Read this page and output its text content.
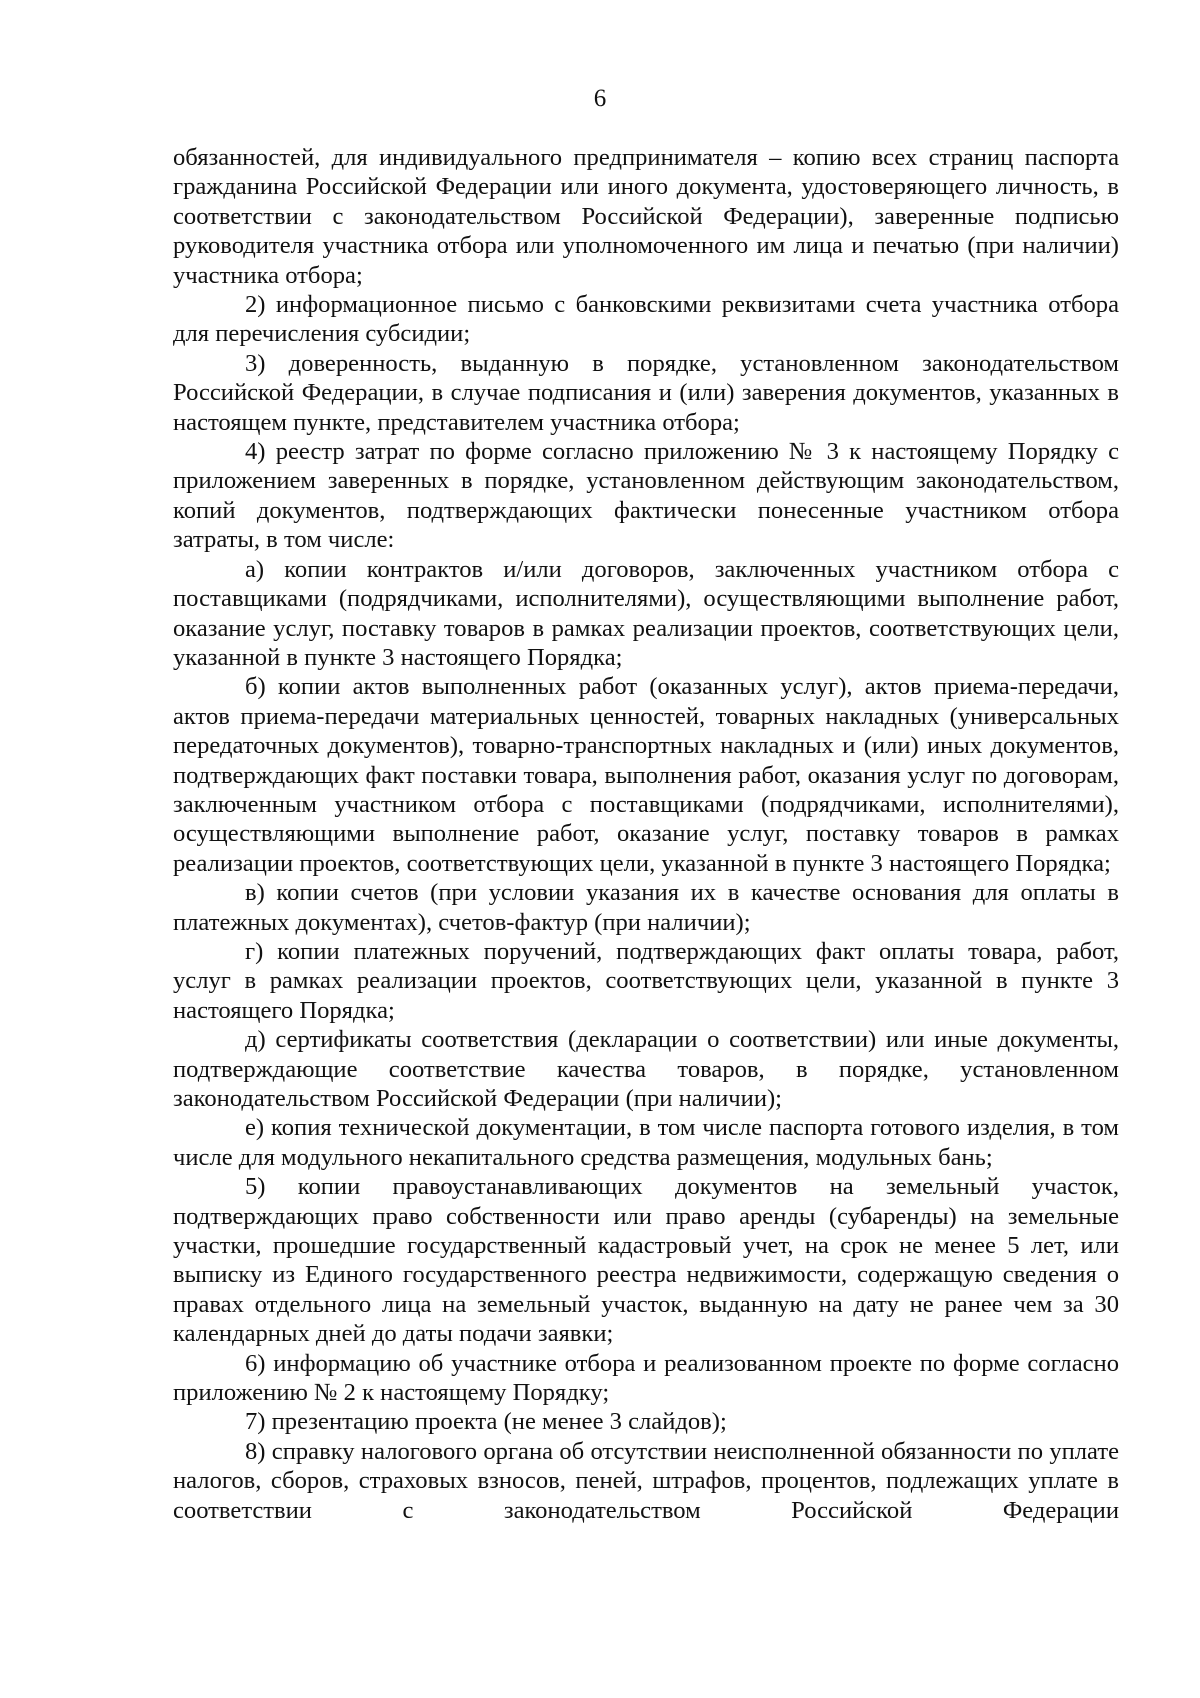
6

обязанностей, для индивидуального предпринимателя – копию всех страниц паспорта гражданина Российской Федерации или иного документа, удостоверяющего личность, в соответствии с законодательством Российской Федерации), заверенные подписью руководителя участника отбора или уполномоченного им лица и печатью (при наличии) участника отбора;

2) информационное письмо с банковскими реквизитами счета участника отбора для перечисления субсидии;

3) доверенность, выданную в порядке, установленном законодательством Российской Федерации, в случае подписания и (или) заверения документов, указанных в настоящем пункте, представителем участника отбора;

4) реестр затрат по форме согласно приложению № 3 к настоящему Порядку с приложением заверенных в порядке, установленном действующим законодательством, копий документов, подтверждающих фактически понесенные участником отбора затраты, в том числе:

а) копии контрактов и/или договоров, заключенных участником отбора с поставщиками (подрядчиками, исполнителями), осуществляющими выполнение работ, оказание услуг, поставку товаров в рамках реализации проектов, соответствующих цели, указанной в пункте 3 настоящего Порядка;

б) копии актов выполненных работ (оказанных услуг), актов приема-передачи, актов приема-передачи материальных ценностей, товарных накладных (универсальных передаточных документов), товарно-транспортных накладных и (или) иных документов, подтверждающих факт поставки товара, выполнения работ, оказания услуг по договорам, заключенным участником отбора с поставщиками (подрядчиками, исполнителями), осуществляющими выполнение работ, оказание услуг, поставку товаров в рамках реализации проектов, соответствующих цели, указанной в пункте 3 настоящего Порядка;

в) копии счетов (при условии указания их в качестве основания для оплаты в платежных документах), счетов-фактур (при наличии);

г) копии платежных поручений, подтверждающих факт оплаты товара, работ, услуг в рамках реализации проектов, соответствующих цели, указанной в пункте 3 настоящего Порядка;

д) сертификаты соответствия (декларации о соответствии) или иные документы, подтверждающие соответствие качества товаров, в порядке, установленном законодательством Российской Федерации (при наличии);

е) копия технической документации, в том числе паспорта готового изделия, в том числе для модульного некапитального средства размещения, модульных бань;

5) копии правоустанавливающих документов на земельный участок, подтверждающих право собственности или право аренды (субаренды) на земельные участки, прошедшие государственный кадастровый учет, на срок не менее 5 лет, или выписку из Единого государственного реестра недвижимости, содержащую сведения о правах отдельного лица на земельный участок, выданную на дату не ранее чем за 30 календарных дней до даты подачи заявки;

6) информацию об участнике отбора и реализованном проекте по форме согласно приложению № 2 к настоящему Порядку;

7) презентацию проекта (не менее 3 слайдов);

8) справку налогового органа об отсутствии неисполненной обязанности по уплате налогов, сборов, страховых взносов, пеней, штрафов, процентов, подлежащих уплате в соответствии с законодательством Российской Федерации
